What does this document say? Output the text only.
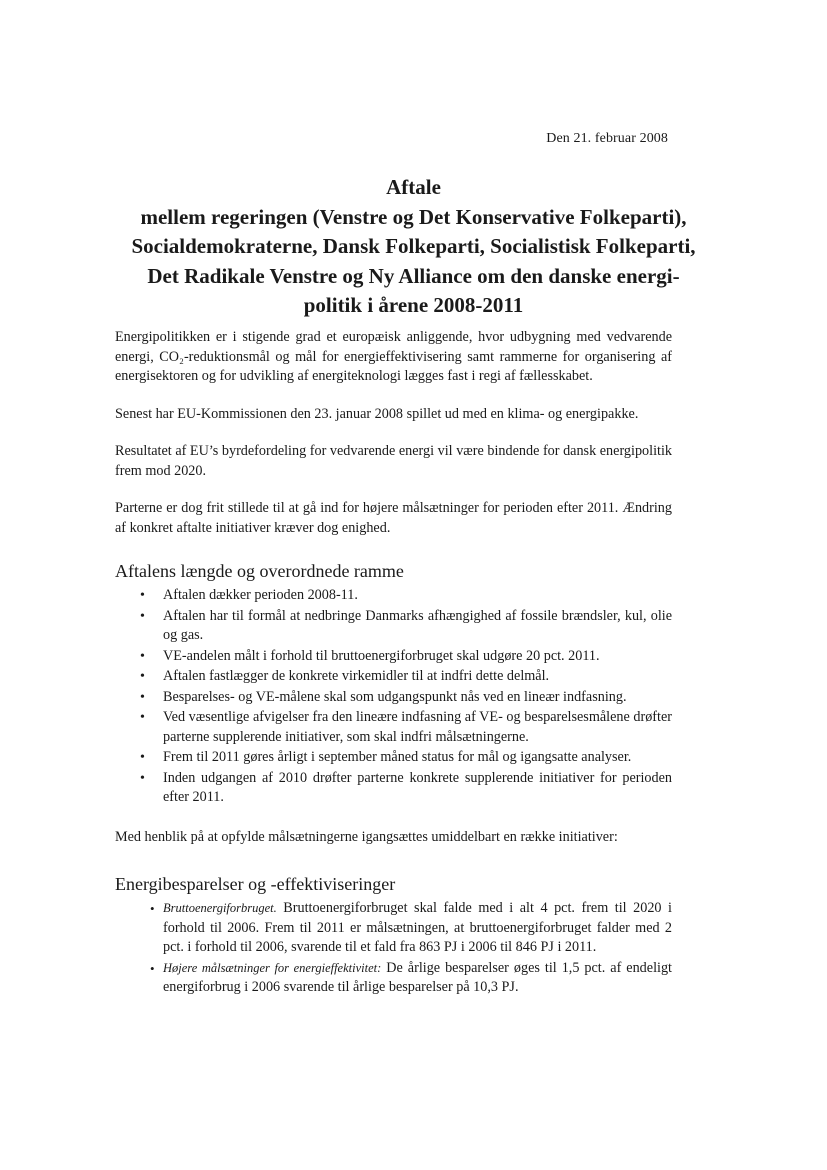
Den 21. februar 2008
Aftale
mellem regeringen (Venstre og Det Konservative Folkeparti),
Socialdemokraterne, Dansk Folkeparti, Socialistisk Folkeparti,
Det Radikale Venstre og Ny Alliance om den danske energi-
politik i årene 2008-2011

Energipolitikken er i stigende grad et europæisk anliggende, hvor udbygning med vedvarende energi, CO₂-reduktionsmål og mål for energieffektivisering samt rammerne for organisering af energisektoren og for udvikling af energiteknologi lægges fast i regi af fællesskabet.

Senest har EU-Kommissionen den 23. januar 2008 spillet ud med en klima- og energipakke.

Resultatet af EU’s byrdefordeling for vedvarende energi vil være bindende for dansk energipolitik frem mod 2020.

Parterne er dog frit stillede til at gå ind for højere målsætninger for perioden efter 2011. Ændring af konkret aftalte initiativer kræver dog enighed.

Aftalens længde og overordnede ramme
• Aftalen dækker perioden 2008-11.
• Aftalen har til formål at nedbringe Danmarks afhængighed af fossile brændsler, kul, olie og gas.
• VE-andelen målt i forhold til bruttoenergiforbruget skal udgøre 20 pct. 2011.
• Aftalen fastlægger de konkrete virkemidler til at indfri dette delmål.
• Besparelses- og VE-målene skal som udgangspunkt nås ved en lineær indfasning.
• Ved væsentlige afvigelser fra den lineære indfasning af VE- og besparelsesmålene drøfter parterne supplerende initiativer, som skal indfri målsætningerne.
• Frem til 2011 gøres årligt i september måned status for mål og igangsatte analyser.
• Inden udgangen af 2010 drøfter parterne konkrete supplerende initiativer for perioden efter 2011.

Med henblik på at opfylde målsætningerne igangsættes umiddelbart en række initiativer:

Energibesparelser og -effektiviseringer
• Bruttoenergiforbruget. Bruttoenergiforbruget skal falde med i alt 4 pct. frem til 2020 i forhold til 2006. Frem til 2011 er målsætningen, at bruttoenergiforbruget falder med 2 pct. i forhold til 2006, svarende til et fald fra 863 PJ i 2006 til 846 PJ i 2011.
• Højere målsætninger for energieffektivitet: De årlige besparelser øges til 1,5 pct. af endeligt energiforbrug i 2006 svarende til årlige besparelser på 10,3 PJ.
